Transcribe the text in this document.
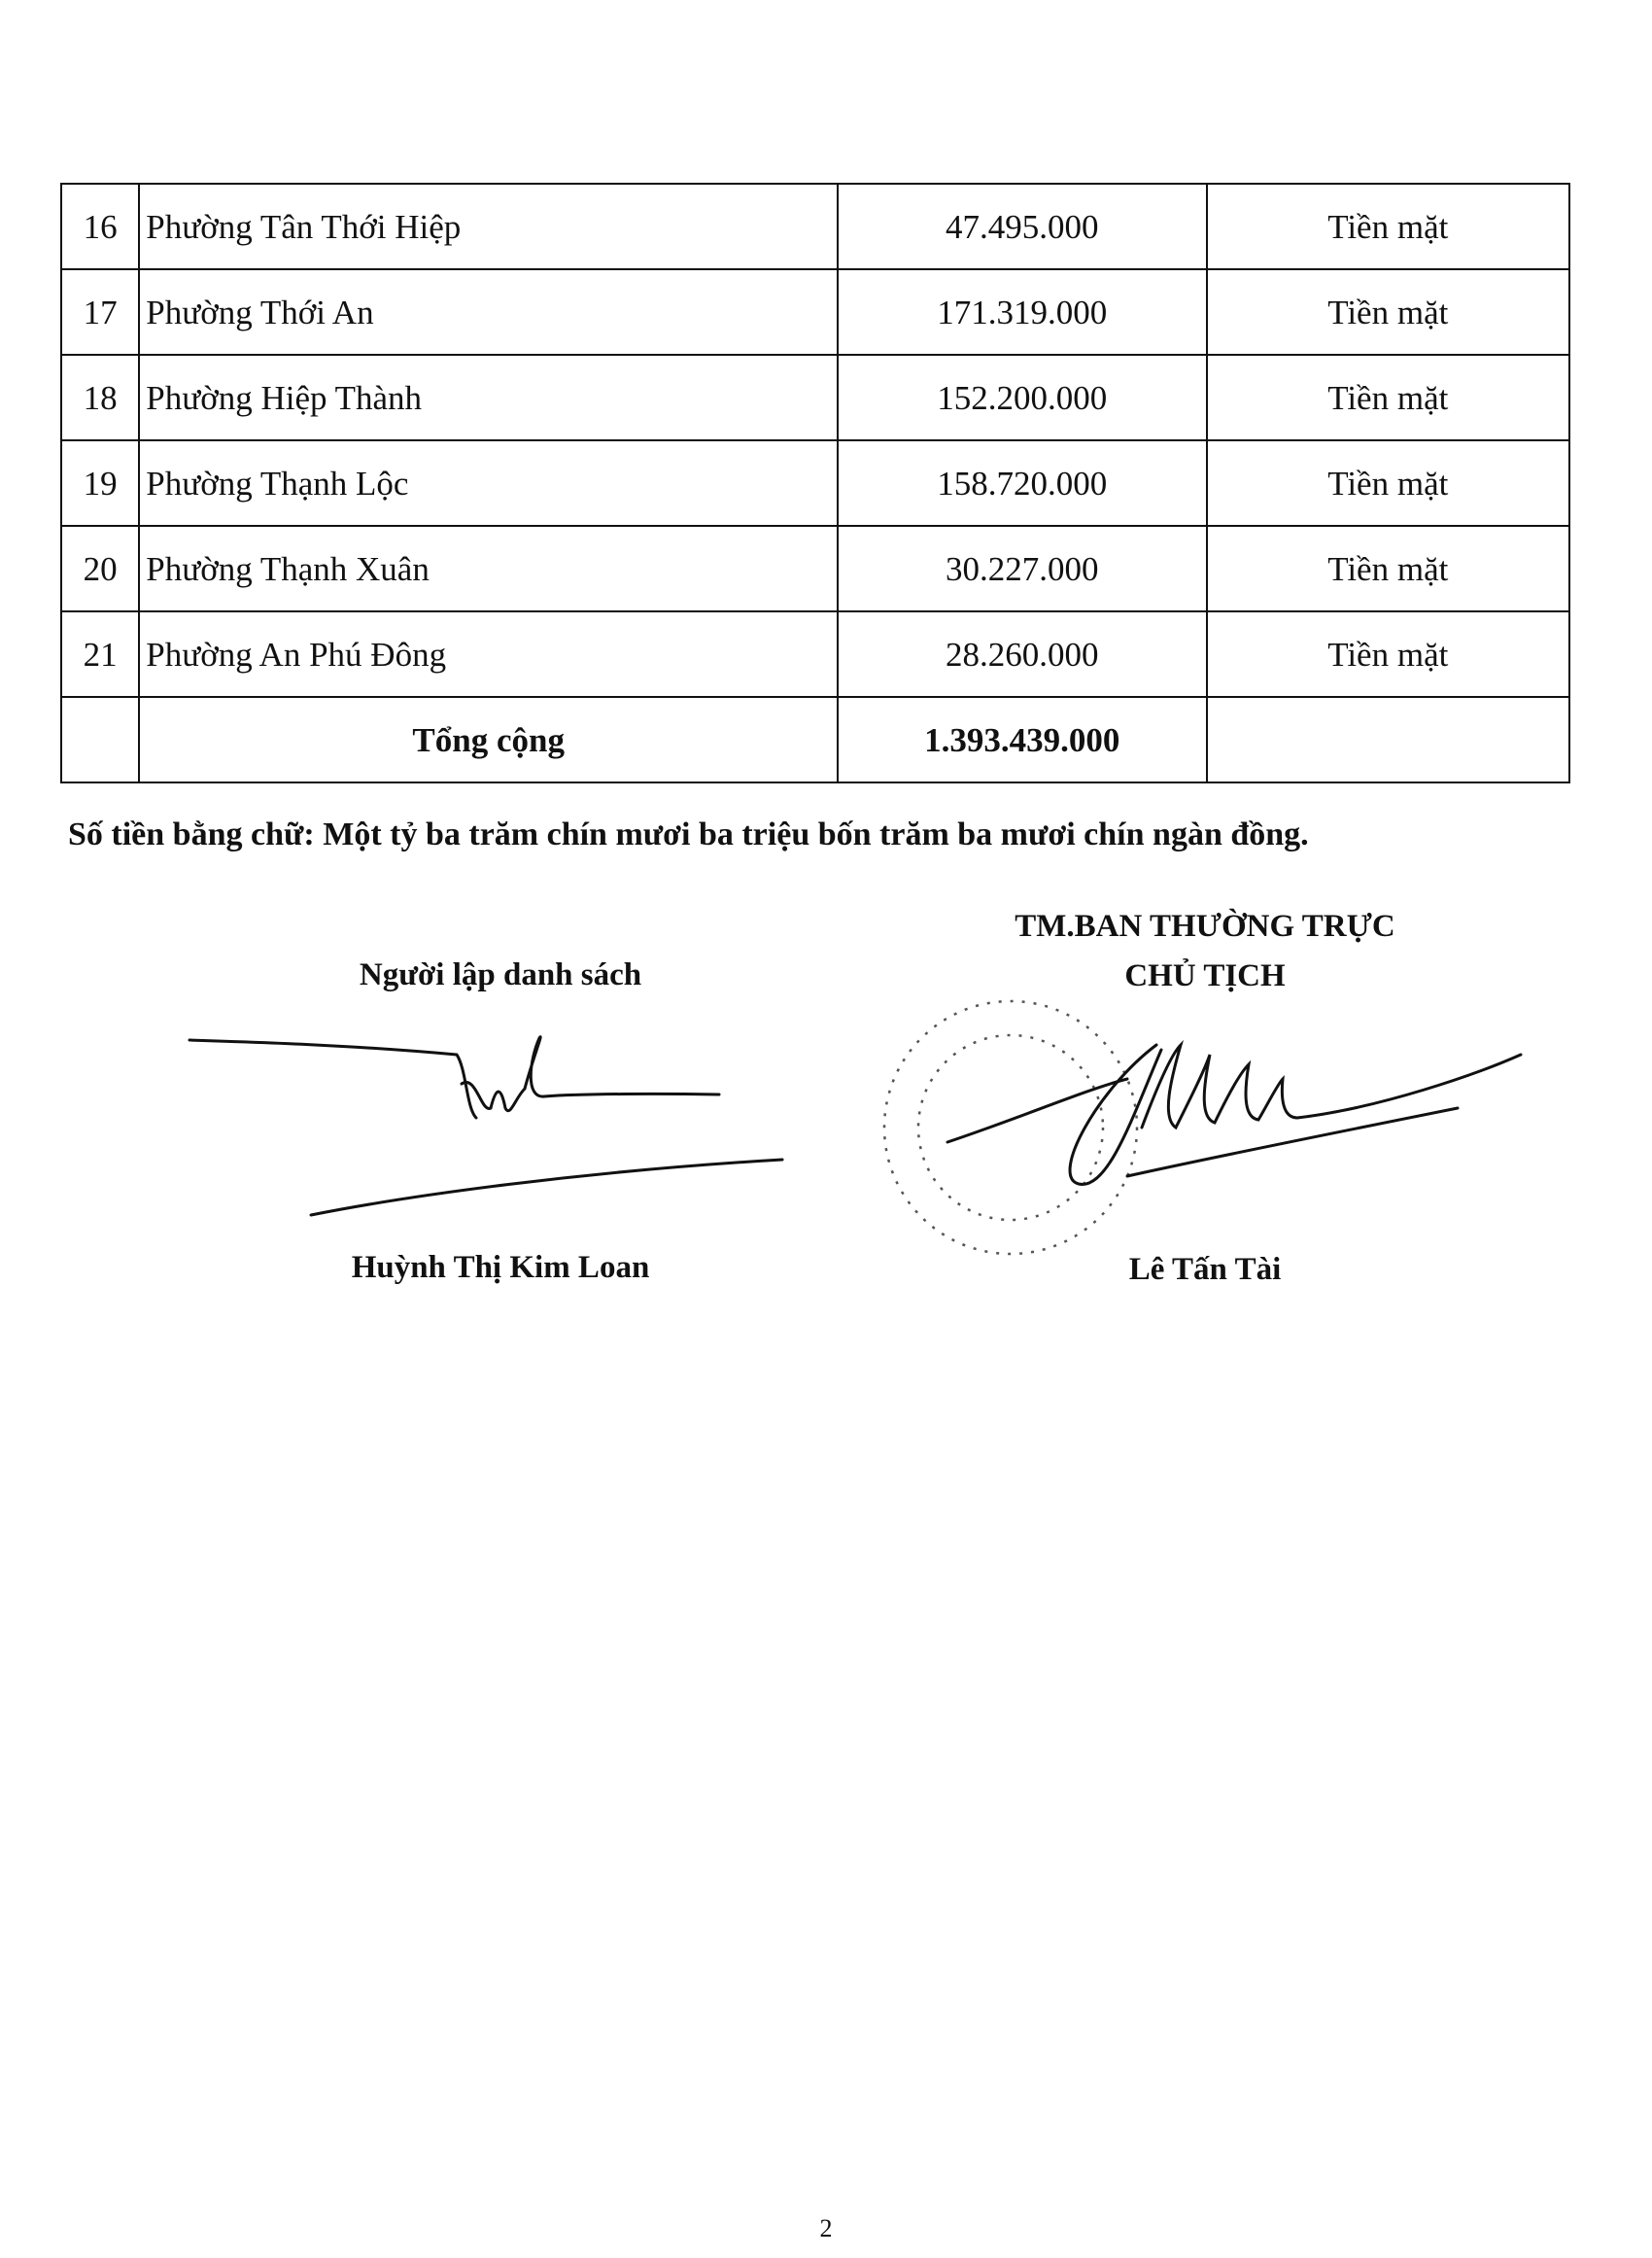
16	Phường Tân Thới Hiệp	47.495.000	Tiền mặt
17	Phường Thới An	171.319.000	Tiền mặt
18	Phường Hiệp Thành	152.200.000	Tiền mặt
19	Phường Thạnh Lộc	158.720.000	Tiền mặt
20	Phường Thạnh Xuân	30.227.000	Tiền mặt
21	Phường An Phú Đông	28.260.000	Tiền mặt
	Tổng cộng	1.393.439.000	
Số tiền bằng chữ: Một tỷ ba trăm chín mươi ba triệu bốn trăm ba mươi chín ngàn đồng.
Người lập danh sách
TM.BAN THƯỜNG TRỰC
CHỦ TỊCH
Huỳnh Thị Kim Loan	Lê Tấn Tài
2
